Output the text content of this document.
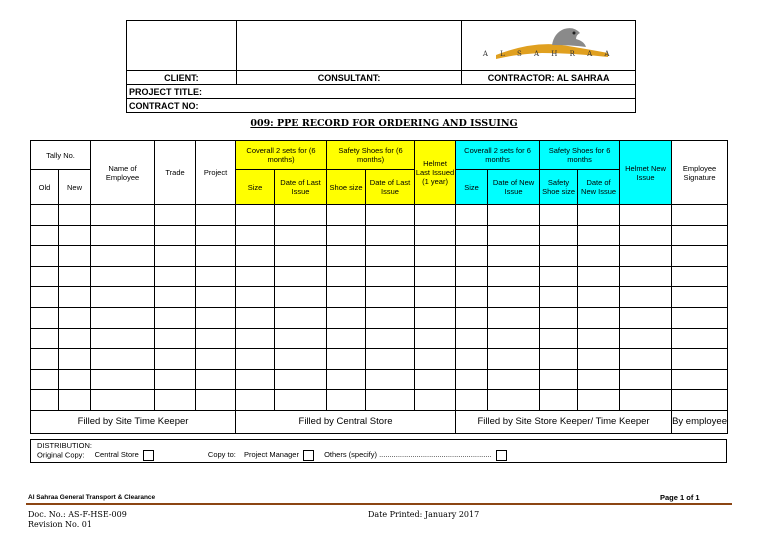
		A L S A H R A A

CLIENT:	CONSULTANT:	CONTRACTOR: AL SAHRAA
PROJECT TITLE:		
CONTRACT NO:		
009: PPE RECORD FOR ORDERING AND ISSUING
Tally No.		Name of Employee	Trade	Project	Coverall 2 sets for (6 months)		Safety Shoes for (6 months)		Helmet Last Issued (1 year)	Coverall 2 sets for 6 months		Safety Shoes for 6 months		Helmet New Issue	Employee Signature
Old	New				Size	Date of Last Issue	Shoe size	Date of Last Issue		Size	Date of New Issue	Safety Shoe size	Date of New Issue		

Filled by Site Time Keeper					Filled by Central Store					Filled by Site Store Keeper/ Time Keeper					By employee
DISTRIBUTION:
Original Copy: Central Store	Copy to: Project Manager	Others (specify) ......................................................
Al Sahraa General Transport & Clearance	Page 1 of 1
Doc. No.: AS-F-HSE-009
Revision No. 01
Date Printed: January 2017
